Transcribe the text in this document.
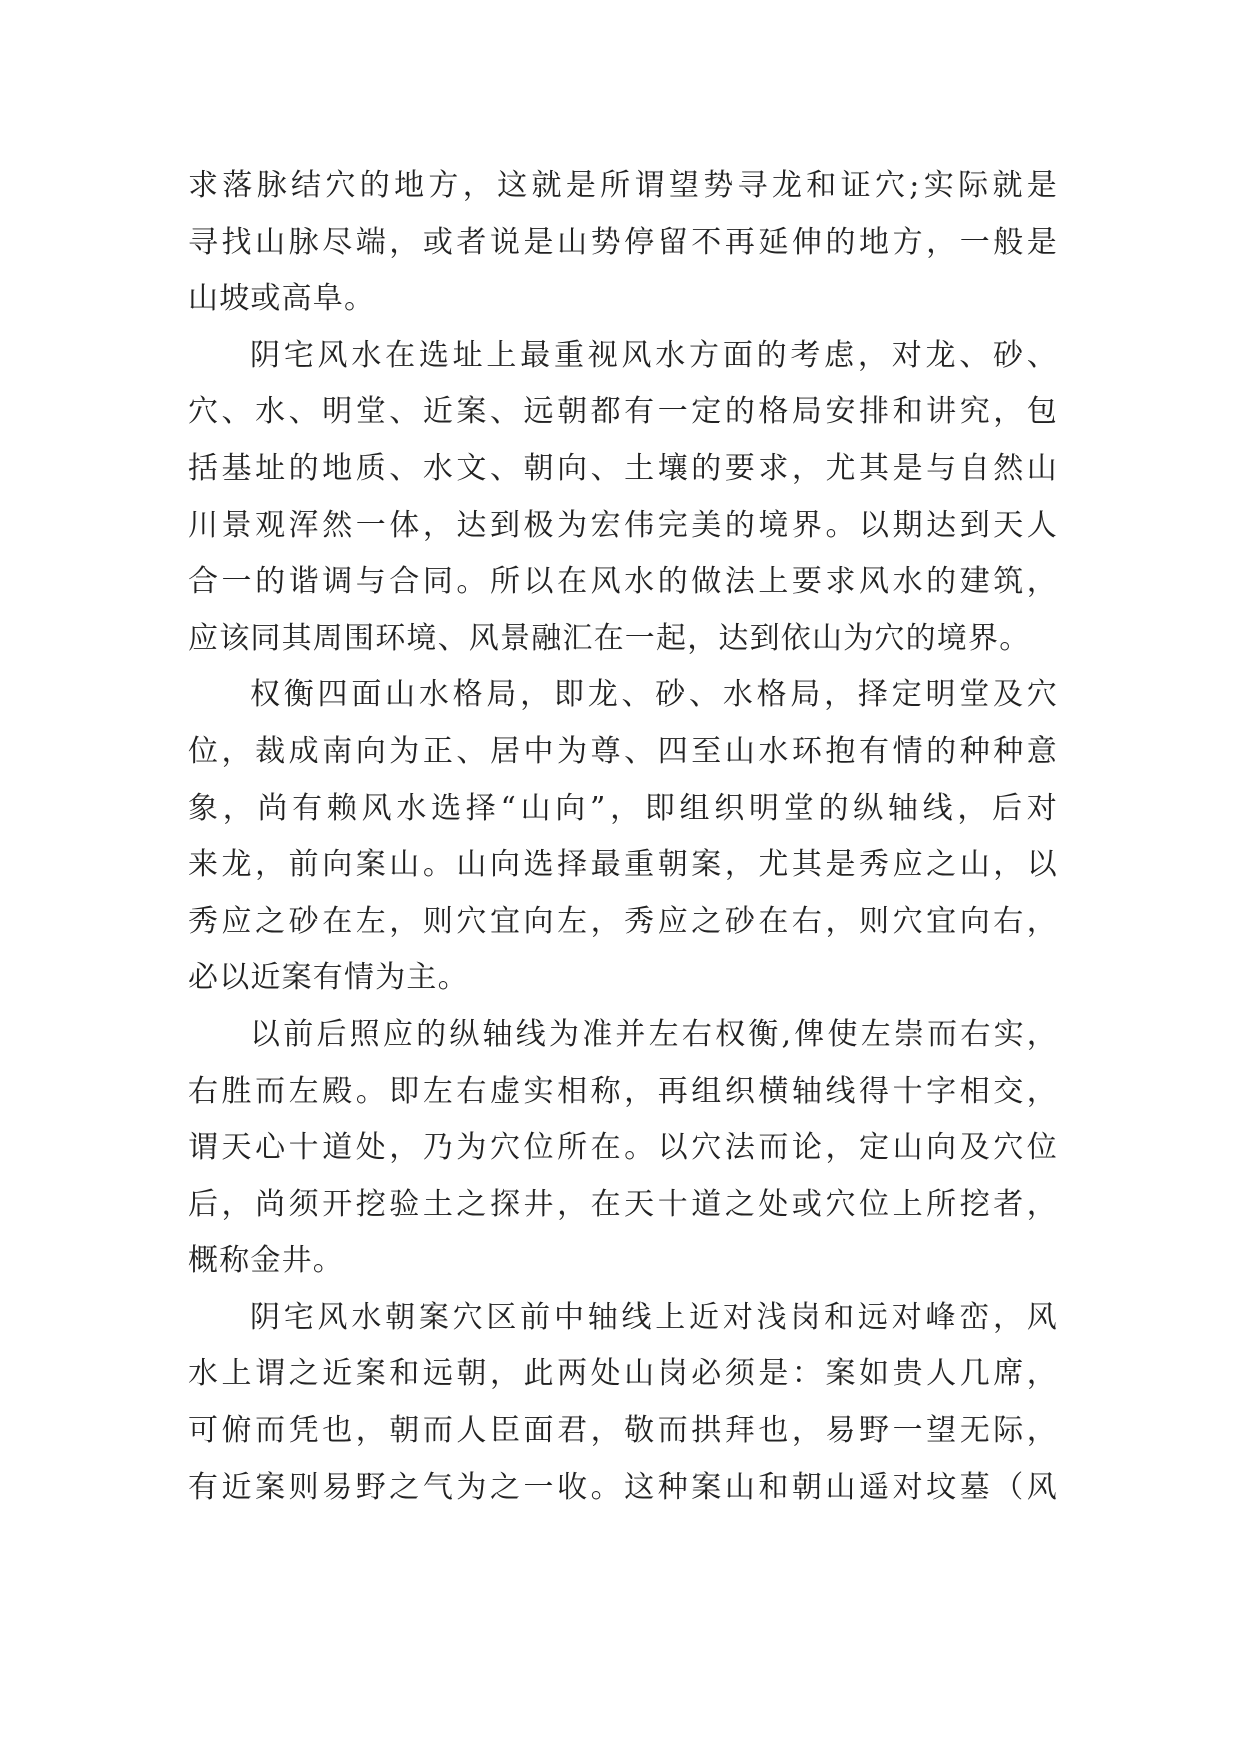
求落脉结穴的地方，这就是所谓望势寻龙和证穴;实际就是
寻找山脉尽端，或者说是山势停留不再延伸的地方，一般是
山坡或高阜。
阴宅风水在选址上最重视风水方面的考虑，对龙、砂、
穴、水、明堂、近案、远朝都有一定的格局安排和讲究，包
括基址的地质、水文、朝向、土壤的要求，尤其是与自然山
川景观浑然一体，达到极为宏伟完美的境界。以期达到天人
合一的谐调与合同。所以在风水的做法上要求风水的建筑，
应该同其周围环境、风景融汇在一起，达到依山为穴的境界。
权衡四面山水格局，即龙、砂、水格局，择定明堂及穴
位，裁成南向为正、居中为尊、四至山水环抱有情的种种意
象，尚有赖风水选择“山向”，即组织明堂的纵轴线，后对
来龙，前向案山。山向选择最重朝案，尤其是秀应之山，以
秀应之砂在左，则穴宜向左，秀应之砂在右，则穴宜向右，
必以近案有情为主。
以前后照应的纵轴线为准并左右权衡,俾使左崇而右实，
右胜而左殿。即左右虚实相称，再组织横轴线得十字相交，
谓天心十道处，乃为穴位所在。以穴法而论，定山向及穴位
后，尚须开挖验土之探井，在天十道之处或穴位上所挖者，
概称金井。
阴宅风水朝案穴区前中轴线上近对浅岗和远对峰峦，风
水上谓之近案和远朝，此两处山岗必须是：案如贵人几席，
可俯而凭也，朝而人臣面君，敬而拱拜也，易野一望无际，
有近案则易野之气为之一收。这种案山和朝山遥对坟墓（风
